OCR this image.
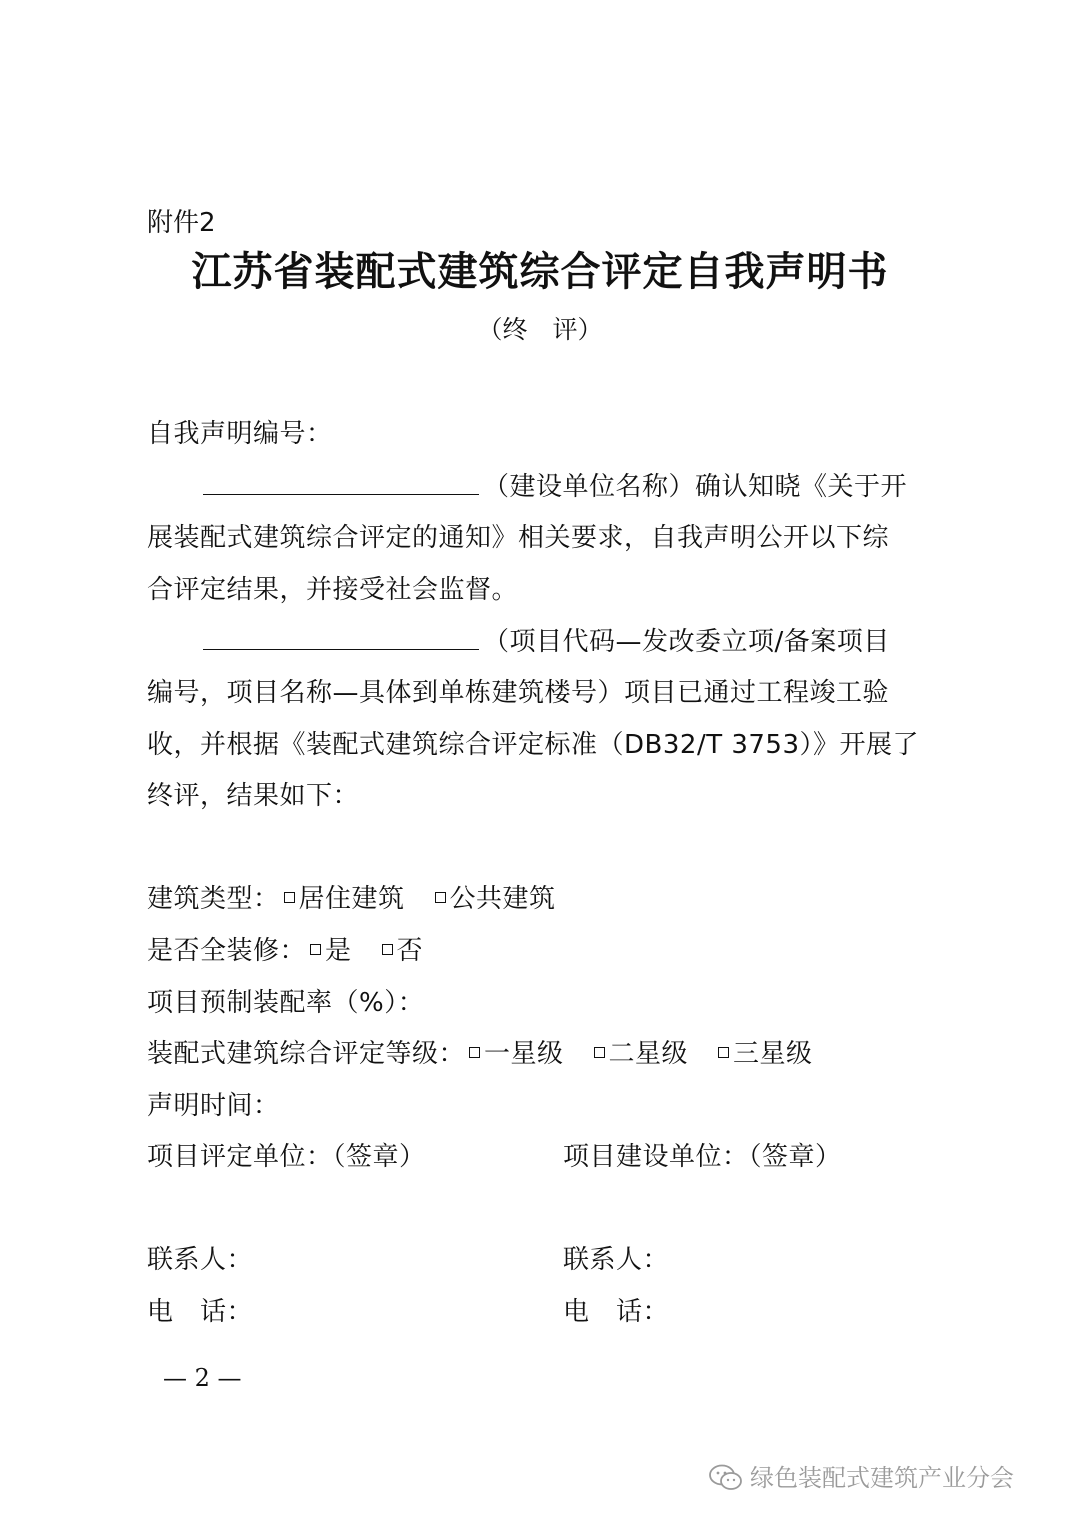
附件2
江苏省装配式建筑综合评定自我声明书
（终　评）
自我声明编号：
（建设单位名称）确认知晓《关于开
展装配式建筑综合评定的通知》相关要求，自我声明公开以下综
合评定结果，并接受社会监督。
（项目代码—发改委立项/备案项目
编号，项目名称—具体到单栋建筑楼号）项目已通过工程竣工验
收，并根据《装配式建筑综合评定标准（DB32/T 3753）》开展了
终评，结果如下：
建筑类型： 居住建筑 公共建筑
是否全装修： 是 否
项目预制装配率（%）：
装配式建筑综合评定等级： 一星级 二星级 三星级
声明时间：
项目评定单位：（签章）	项目建设单位：（签章）
联系人：	联系人：
电　话：	电　话：
— 2 —
绿色装配式建筑产业分会
